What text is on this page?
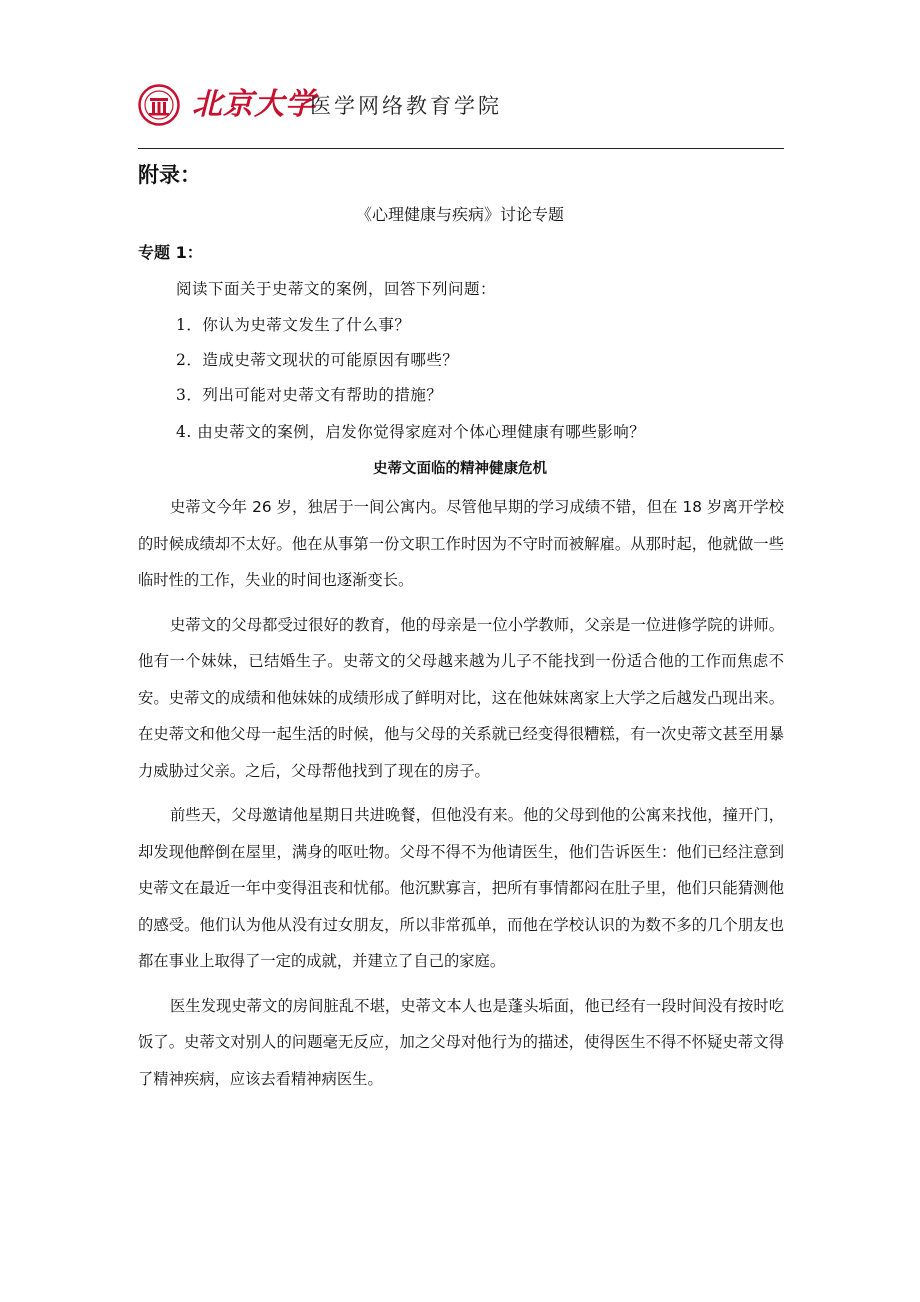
北京大学
医学网络教育学院
附录：
《心理健康与疾病》讨论专题
专题 1：
阅读下面关于史蒂文的案例，回答下列问题：
1．你认为史蒂文发生了什么事？
2．造成史蒂文现状的可能原因有哪些？
3．列出可能对史蒂文有帮助的措施？
4. 由史蒂文的案例，启发你觉得家庭对个体心理健康有哪些影响？
史蒂文面临的精神健康危机

史蒂文今年 26 岁，独居于一间公寓内。尽管他早期的学习成绩不错，但在 18 岁离开学校的时候成绩却不太好。他在从事第一份文职工作时因为不守时而被解雇。从那时起，他就做一些临时性的工作，失业的时间也逐渐变长。

史蒂文的父母都受过很好的教育，他的母亲是一位小学教师，父亲是一位进修学院的讲师。他有一个妹妹，已结婚生子。史蒂文的父母越来越为儿子不能找到一份适合他的工作而焦虑不安。史蒂文的成绩和他妹妹的成绩形成了鲜明对比，这在他妹妹离家上大学之后越发凸现出来。在史蒂文和他父母一起生活的时候，他与父母的关系就已经变得很糟糕，有一次史蒂文甚至用暴力威胁过父亲。之后，父母帮他找到了现在的房子。

前些天，父母邀请他星期日共进晚餐，但他没有来。他的父母到他的公寓来找他，撞开门，却发现他醉倒在屋里，满身的呕吐物。父母不得不为他请医生，他们告诉医生：他们已经注意到史蒂文在最近一年中变得沮丧和忧郁。他沉默寡言，把所有事情都闷在肚子里，他们只能猜测他的感受。他们认为他从没有过女朋友，所以非常孤单，而他在学校认识的为数不多的几个朋友也都在事业上取得了一定的成就，并建立了自己的家庭。

医生发现史蒂文的房间脏乱不堪，史蒂文本人也是蓬头垢面，他已经有一段时间没有按时吃饭了。史蒂文对别人的问题毫无反应，加之父母对他行为的描述，使得医生不得不怀疑史蒂文得了精神疾病，应该去看精神病医生。
